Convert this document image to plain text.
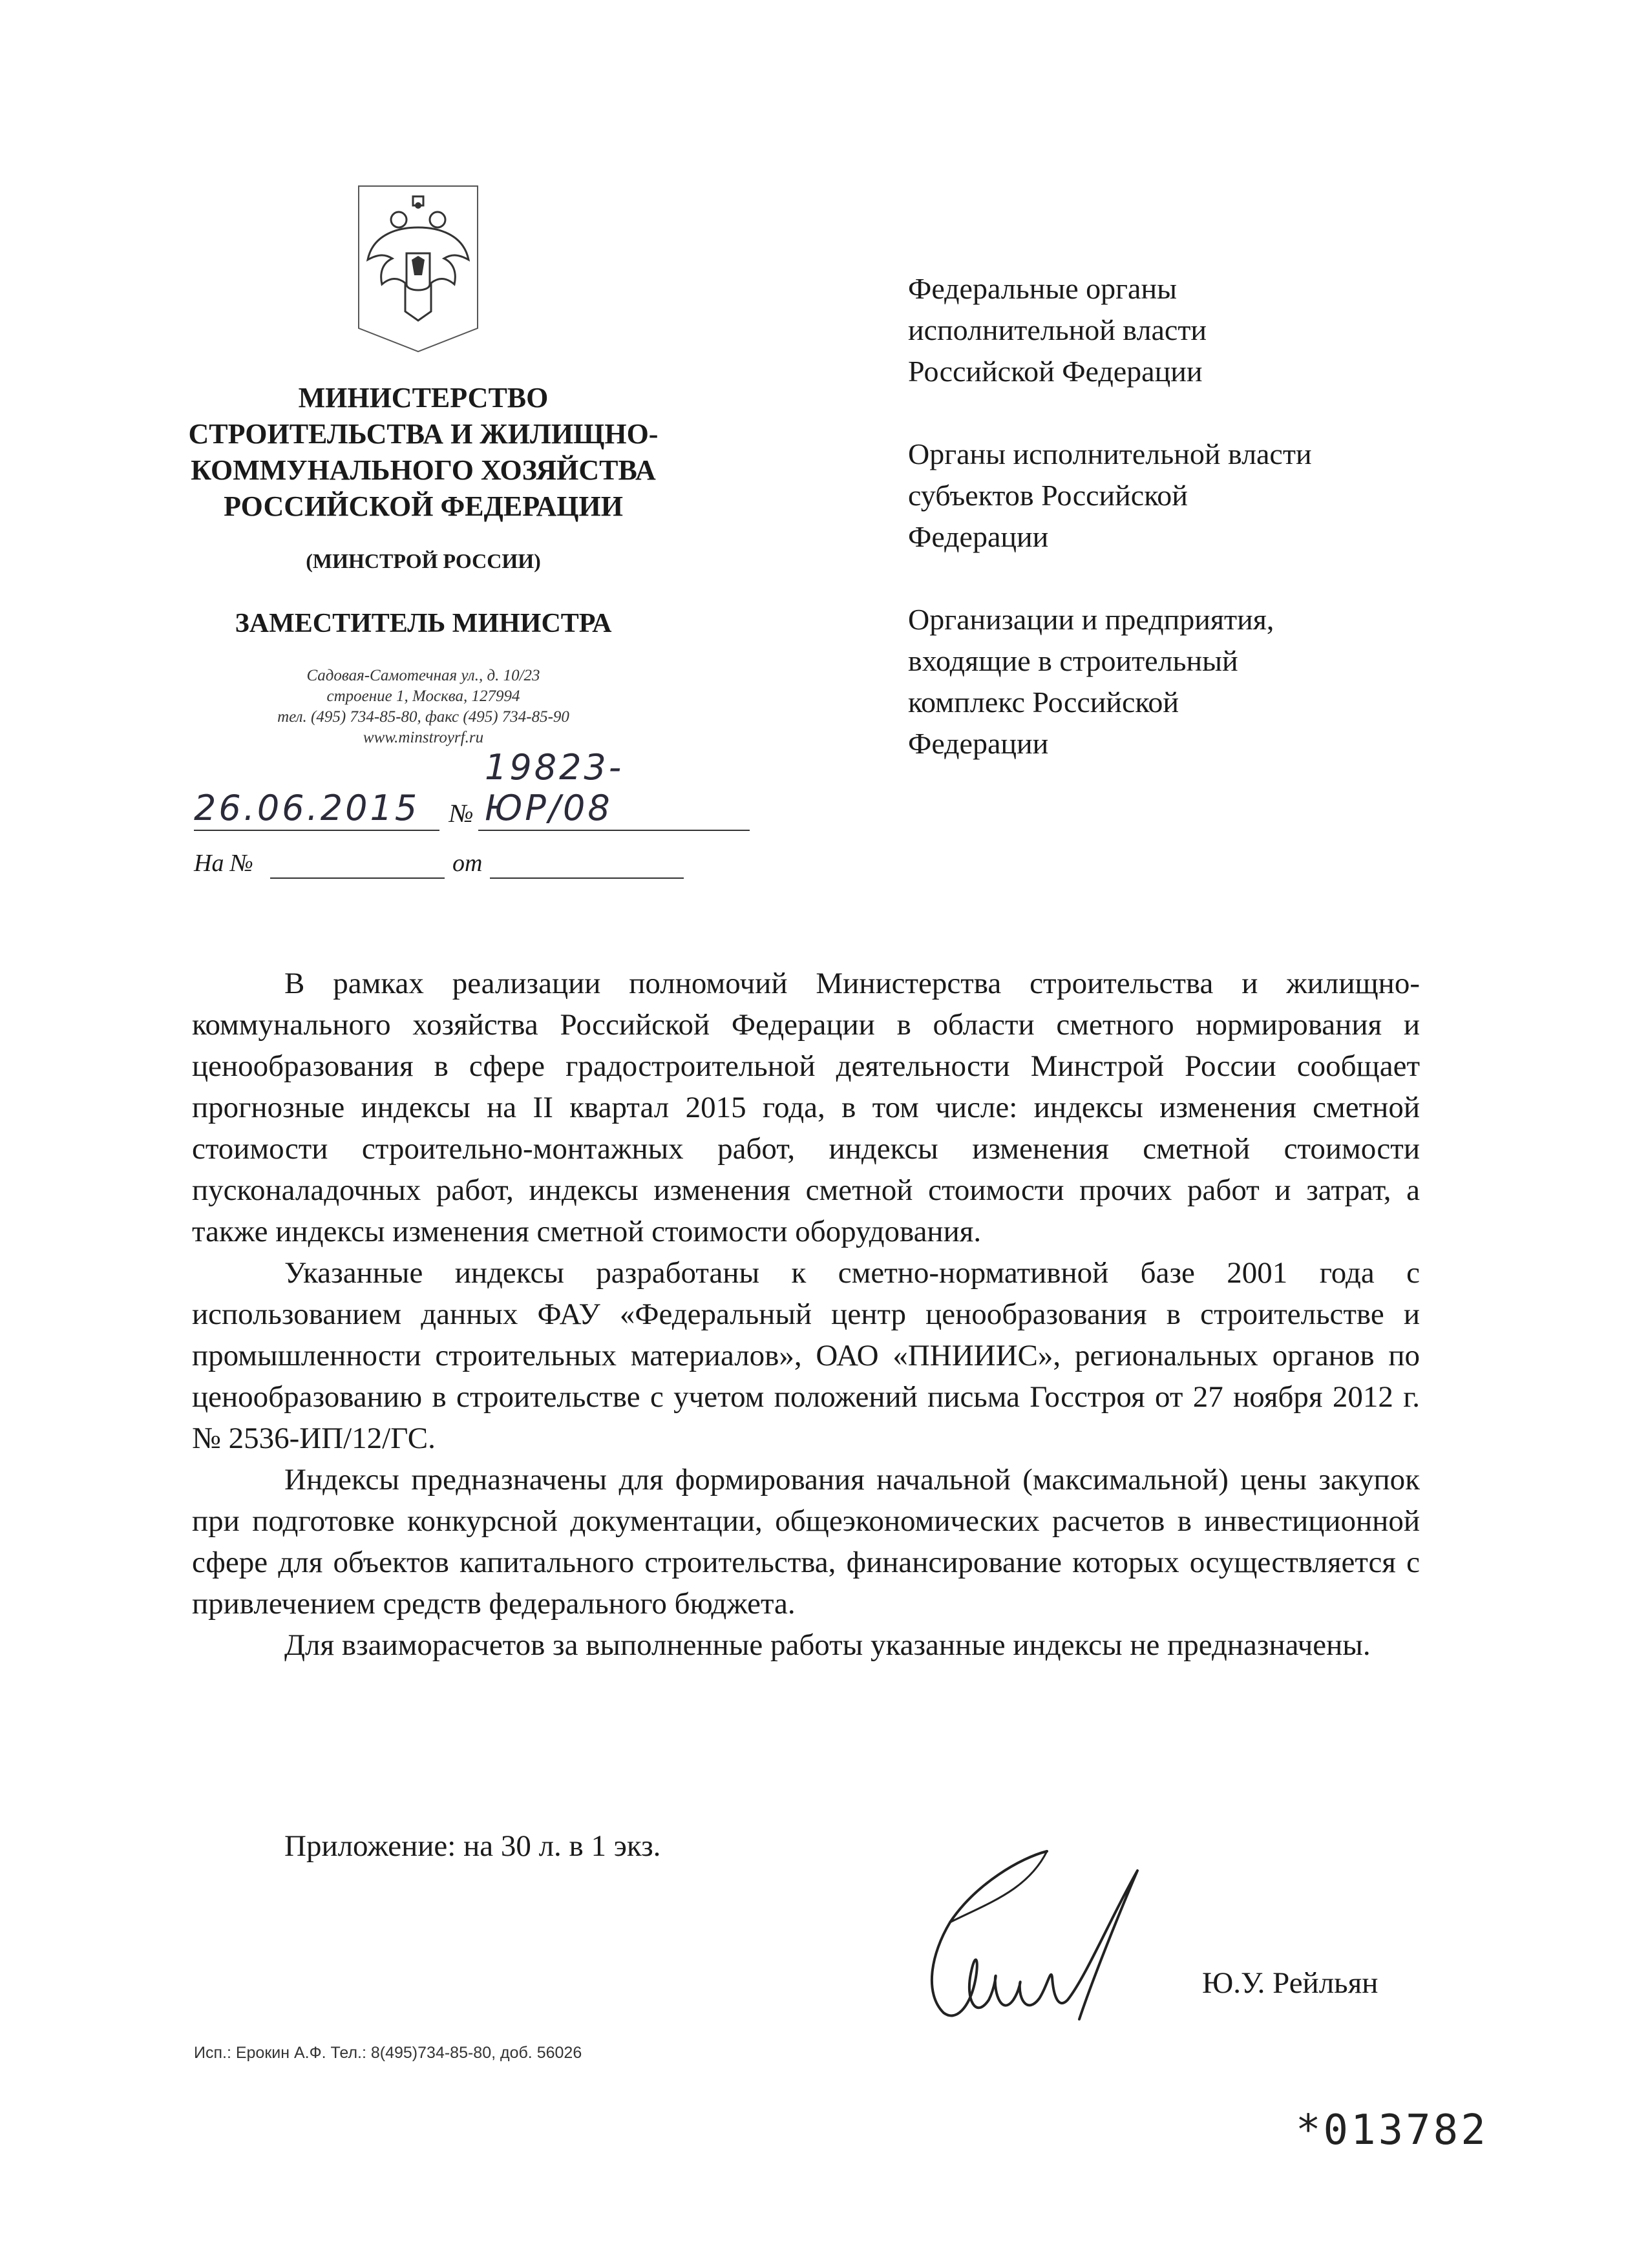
МИНИСТЕРСТВО
СТРОИТЕЛЬСТВА И ЖИЛИЩНО-
КОММУНАЛЬНОГО ХОЗЯЙСТВА
РОССИЙСКОЙ ФЕДЕРАЦИИ
(МИНСТРОЙ РОССИИ)
ЗАМЕСТИТЕЛЬ МИНИСТРА
Садовая-Самотечная ул., д. 10/23
строение 1, Москва, 127994
тел. (495) 734-85-80, факс (495) 734-85-90
www.minstroyrf.ru
26.06.2015 №
19823-ЮР/08
На №	от

Федеральные органы
исполнительной власти
Российской Федерации

Органы исполнительной власти
субъектов Российской
Федерации

Организации и предприятия,
входящие в строительный
комплекс Российской
Федерации

В рамках реализации полномочий Министерства строительства и жилищно-коммунального хозяйства Российской Федерации в области сметного нормирования и ценообразования в сфере градостроительной деятельности Минстрой России сообщает прогнозные индексы на II квартал 2015 года, в том числе: индексы изменения сметной стоимости строительно-монтажных работ, индексы изменения сметной стоимости пусконаладочных работ, индексы изменения сметной стоимости прочих работ и затрат, а также индексы изменения сметной стоимости оборудования.

Указанные индексы разработаны к сметно-нормативной базе 2001 года с использованием данных ФАУ «Федеральный центр ценообразования в строительстве и промышленности строительных материалов», ОАО «ПНИИИС», региональных органов по ценообразованию в строительстве с учетом положений письма Госстроя от 27 ноября 2012 г. № 2536-ИП/12/ГС.

Индексы предназначены для формирования начальной (максимальной) цены закупок при подготовке конкурсной документации, общеэкономических расчетов в инвестиционной сфере для объектов капитального строительства, финансирование которых осуществляется с привлечением средств федерального бюджета.

Для взаиморасчетов за выполненные работы указанные индексы не предназначены.

Приложение: на 30 л. в 1 экз.
Ю.У. Рейльян
Исп.: Ерокин А.Ф. Тел.: 8(495)734-85-80, доб. 56026
*013782
